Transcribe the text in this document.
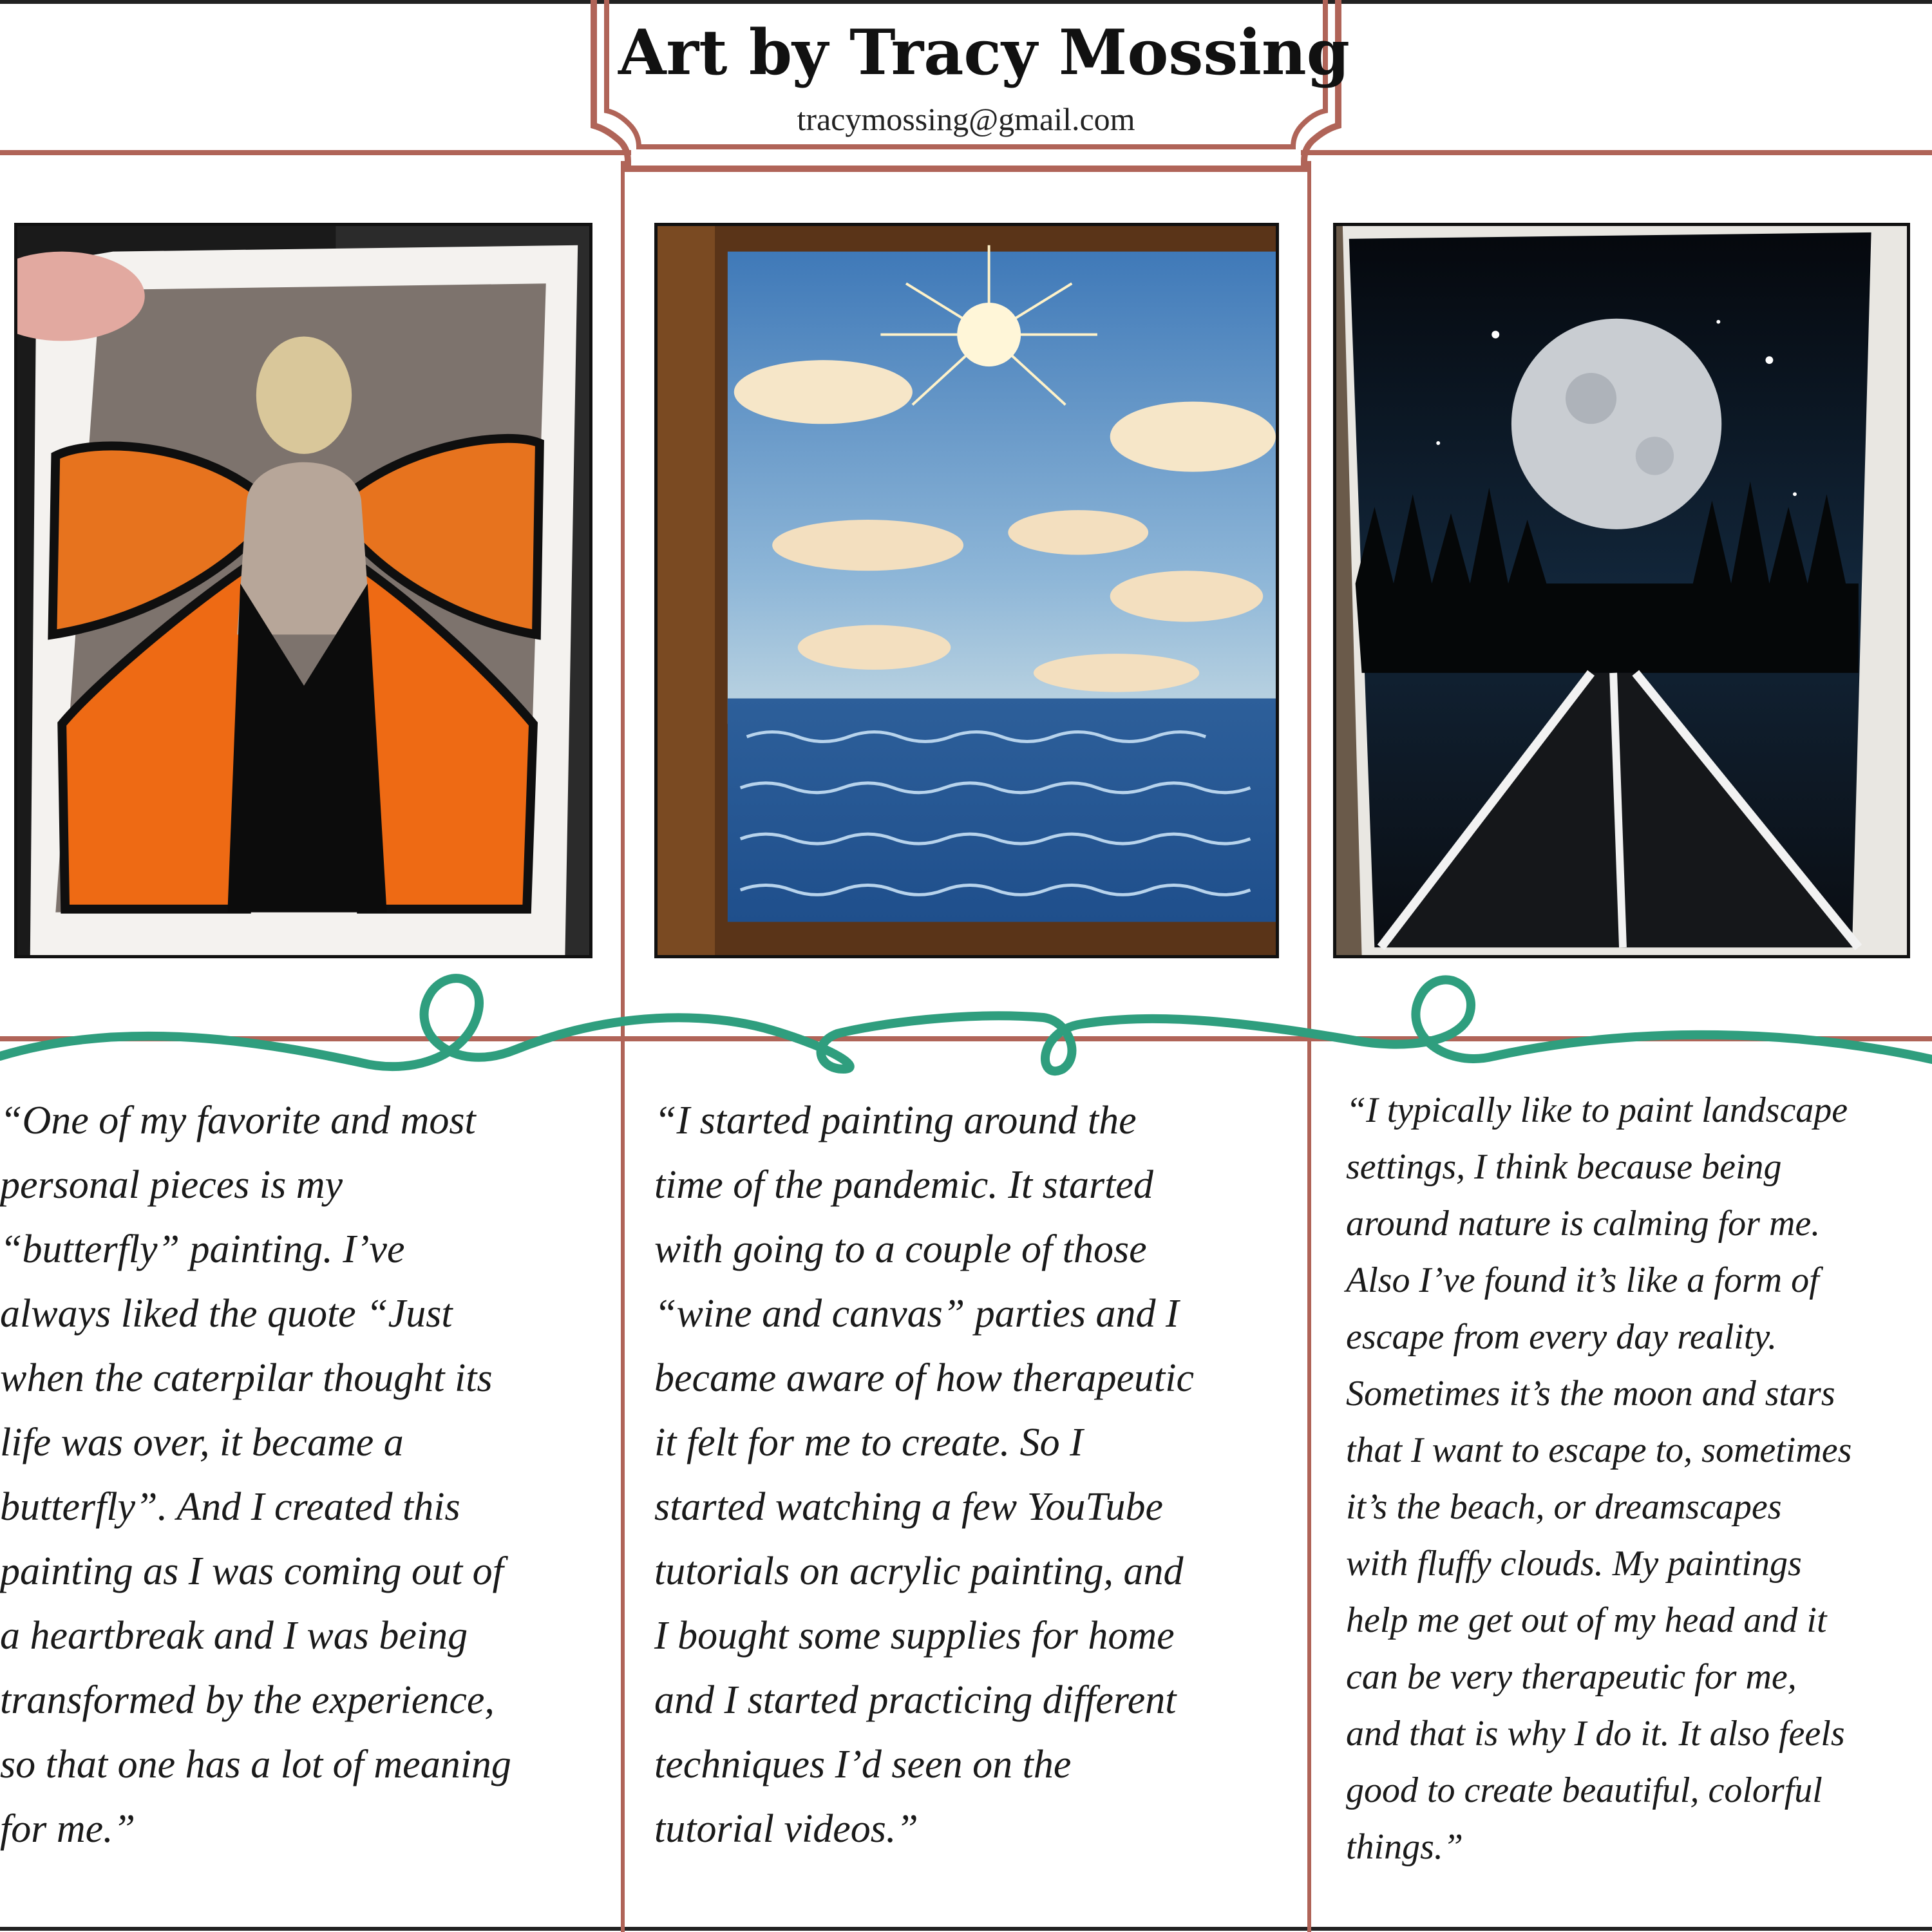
Art by Tracy Mossing
tracymossing@gmail.com

“One of my favorite and most
personal pieces is my
“butterfly” painting. I’ve
always liked the quote “Just
when the caterpilar thought its
life was over, it became a
butterfly”. And I created this
painting as I was coming out of
a heartbreak and I was being
transformed by the experience,
so that one has a lot of meaning
for me.”

“I started painting around the
time of the pandemic. It started
with going to a couple of those
“wine and canvas” parties and I
became aware of how therapeutic
it felt for me to create. So I
started watching a few YouTube
tutorials on acrylic painting, and
I bought some supplies for home
and I started practicing different
techniques I’d seen on the
tutorial videos.”

“I typically like to paint landscape
settings, I think because being
around nature is calming for me.
Also I’ve found it’s like a form of
escape from every day reality.
Sometimes it’s the moon and stars
that I want to escape to, sometimes
it’s the beach, or dreamscapes
with fluffy clouds. My paintings
help me get out of my head and it
can be very therapeutic for me,
and that is why I do it. It also feels
good to create beautiful, colorful
things.”
